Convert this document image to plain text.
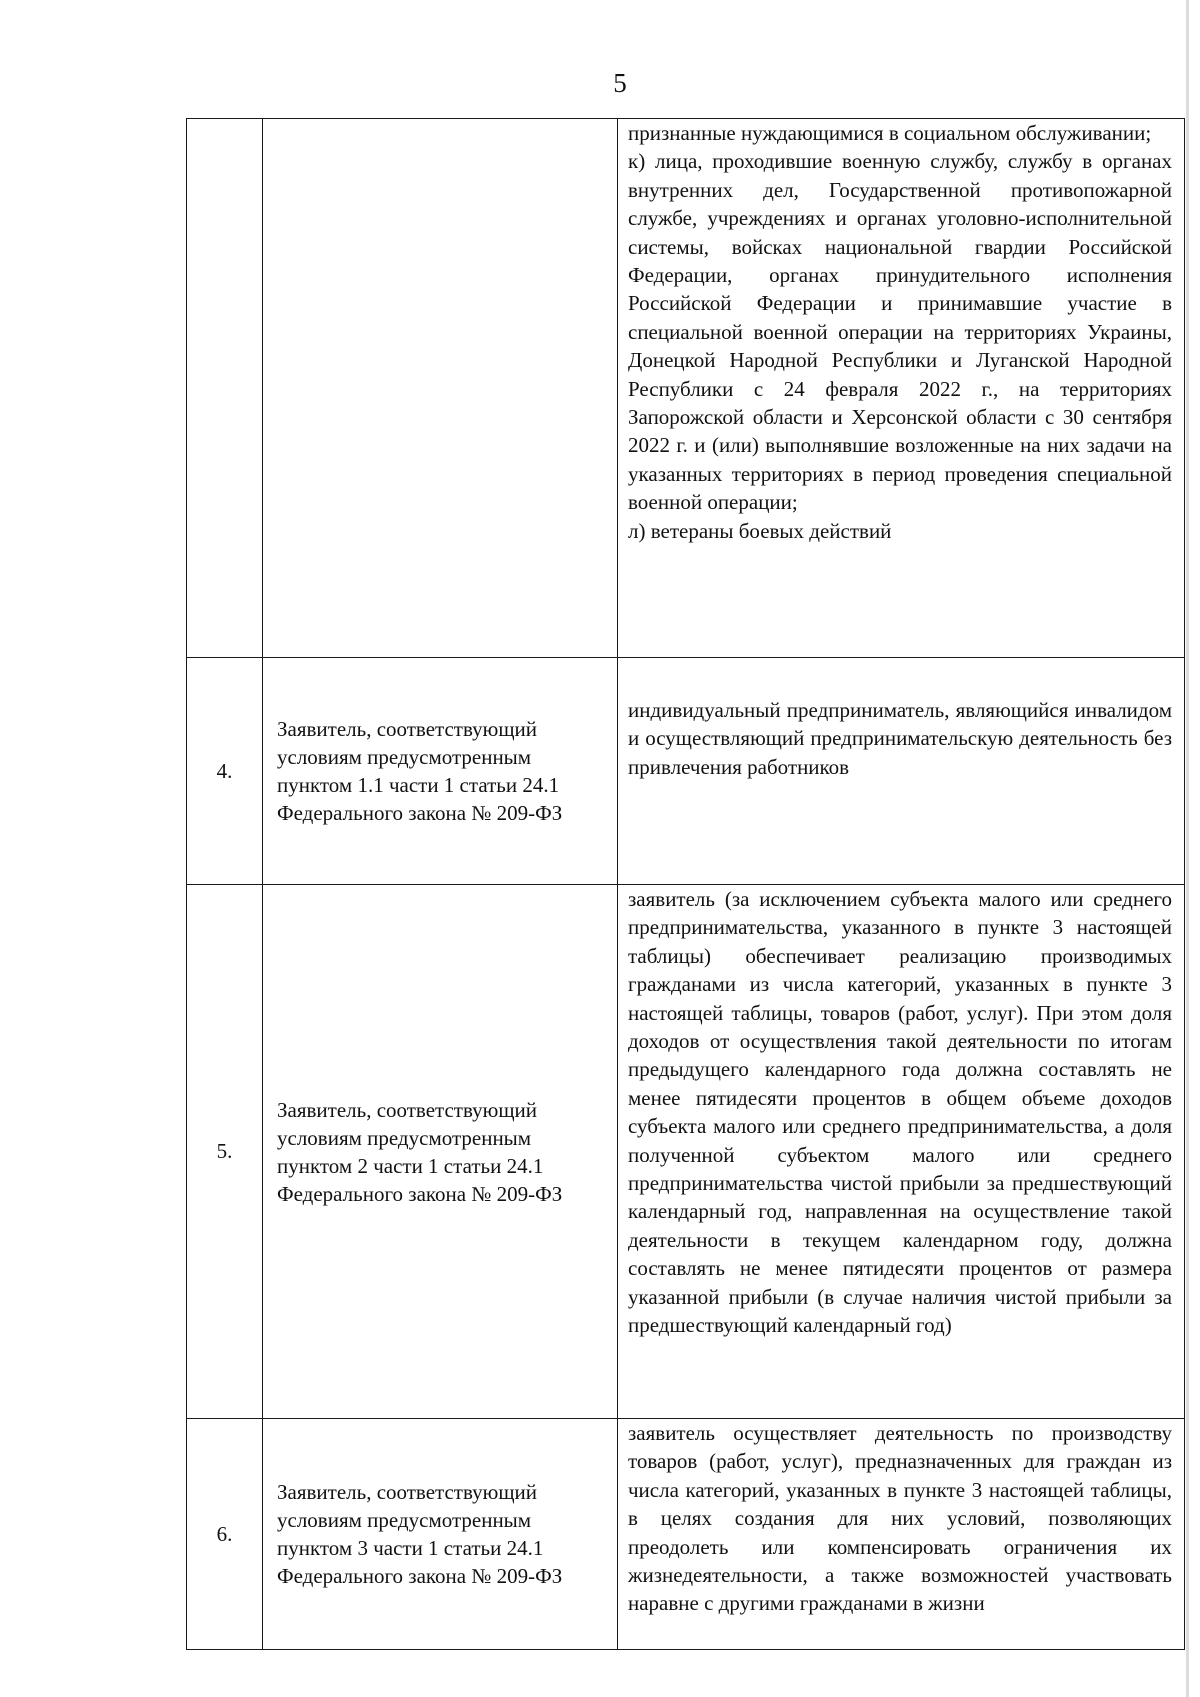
5

		признанные нуждающимися в социальном обслуживании;

к) лица, проходившие военную службу, службу в органах внутренних дел, Государственной противопожарной службе, учреждениях и органах уголовно-исполнительной системы, войсках национальной гвардии Российской Федерации, органах принудительного исполнения Российской Федерации и принимавшие участие в специальной военной операции на территориях Украины, Донецкой Народной Республики и Луганской Народной Республики с 24 февраля 2022 г., на территориях Запорожской области и Херсонской области с 30 сентября 2022 г. и (или) выполнявшие возложенные на них задачи на указанных территориях в период проведения специальной военной операции;

л) ветераны боевых действий

4.	Заявитель, соответствующий условиям предусмотренным пунктом 1.1 части 1 статьи 24.1 Федерального закона № 209-ФЗ	индивидуальный предприниматель, являющийся инвалидом и осуществляющий предпринимательскую деятельность без привлечения работников

5.	Заявитель, соответствующий условиям предусмотренным пунктом 2 части 1 статьи 24.1 Федерального закона № 209-ФЗ	заявитель (за исключением субъекта малого или среднего предпринимательства, указанного в пункте 3 настоящей таблицы) обеспечивает реализацию производимых гражданами из числа категорий, указанных в пункте 3 настоящей таблицы, товаров (работ, услуг). При этом доля доходов от осуществления такой деятельности по итогам предыдущего календарного года должна составлять не менее пятидесяти процентов в общем объеме доходов субъекта малого или среднего предпринимательства, а доля полученной субъектом малого или среднего предпринимательства чистой прибыли за предшествующий календарный год, направленная на осуществление такой деятельности в текущем календарном году, должна составлять не менее пятидесяти процентов от размера указанной прибыли (в случае наличия чистой прибыли за предшествующий календарный год)

6.	Заявитель, соответствующий условиям предусмотренным пунктом 3 части 1 статьи 24.1 Федерального закона № 209-ФЗ	заявитель осуществляет деятельность по производству товаров (работ, услуг), предназначенных для граждан из числа категорий, указанных в пункте 3 настоящей таблицы, в целях создания для них условий, позволяющих преодолеть или компенсировать ограничения их жизнедеятельности, а также возможностей участвовать наравне с другими гражданами в жизни
